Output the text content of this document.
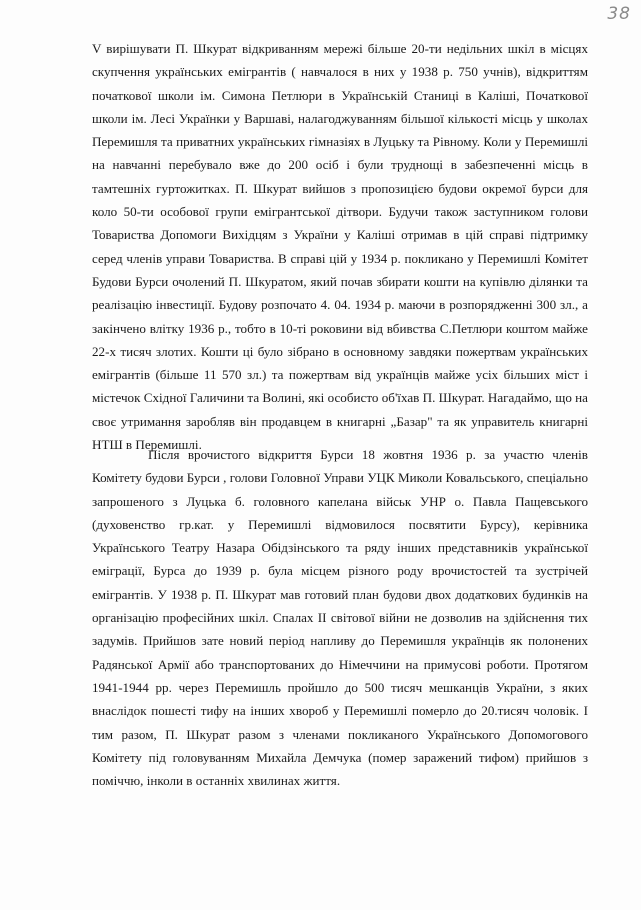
38

V вирішувати П. Шкурат відкриванням мережі більше 20-ти недільних шкіл в місцях скупчення українських емігрантів ( навчалося в них у 1938 р. 750 учнів), відкриттям початкової школи ім. Симона Петлюри в Українській Станиці в Каліші, Початкової школи ім. Лесі Українки у Варшаві, налагоджуванням більшої кількості місць у школах Перемишля та приватних українських гімназіях в Луцьку та Рівному. Коли у Перемишлі на навчанні перебувало вже до 200 осіб і були труднощі в забезпеченні місць в тамтешніх гуртожитках. П. Шкурат вийшов з пропозицією будови окремої бурси для коло 50-ти особової групи емігрантської дітвори. Будучи також заступником голови Товариства Допомоги Вихідцям з України у Каліші отримав в цій справі підтримку серед членів управи Товариства. В справі цій у 1934 р. покликано у Перемишлі Комітет Будови Бурси очолений П. Шкуратом, який почав збирати кошти на купівлю ділянки та реалізацію інвестиції. Будову розпочато 4. 04. 1934 р. маючи в розпорядженні 300 зл., а закінчено влітку 1936 р., тобто в 10-ті роковини від вбивства С.Петлюри коштом майже 22-х тисяч злотих. Кошти ці було зібрано в основному завдяки пожертвам українських емігрантів (більше 11 570 зл.) та пожертвам від українців майже усіх більших міст і містечок Східної Галичини та Волині, які особисто об'їхав П. Шкурат. Нагадаймо, що на своє утримання заробляв він продавцем в книгарні „Базар" та як управитель книгарні НТШ в Перемишлі.

Після врочистого відкриття Бурси 18 жовтня 1936 р. за участю членів Комітету будови Бурси , голови Головної Управи УЦК Миколи Ковальського, спеціально запрошеного з Луцька б. головного капелана військ УНР о. Павла Пащевського (духовенство гр.кат. у Перемишлі відмовилося посвятити Бурсу), керівника Українського Театру Назара Обідзінського та ряду інших представників української еміграції, Бурса до 1939 р. була місцем різного роду врочистостей та зустрічей емігрантів. У 1938 р. П. Шкурат мав готовий план будови двох додаткових будинків на організацію професійних шкіл. Спалах II світової війни не дозволив на здійснення тих задумів. Прийшов зате новий період напливу до Перемишля українців як полонених Радянської Армії або транспортованих до Німеччини на примусові роботи. Протягом 1941-1944 рр. через Перемишль пройшло до 500 тисяч мешканців України, з яких внаслідок пошесті тифу на інших хвороб у Перемишлі померло до 20.тисяч чоловік. І тим разом, П. Шкурат разом з членами покликаного Українського Допомогового Комітету під головуванням Михайла Демчука (помер заражений тифом) прийшов з поміччю, інколи в останніх хвилинах життя.
